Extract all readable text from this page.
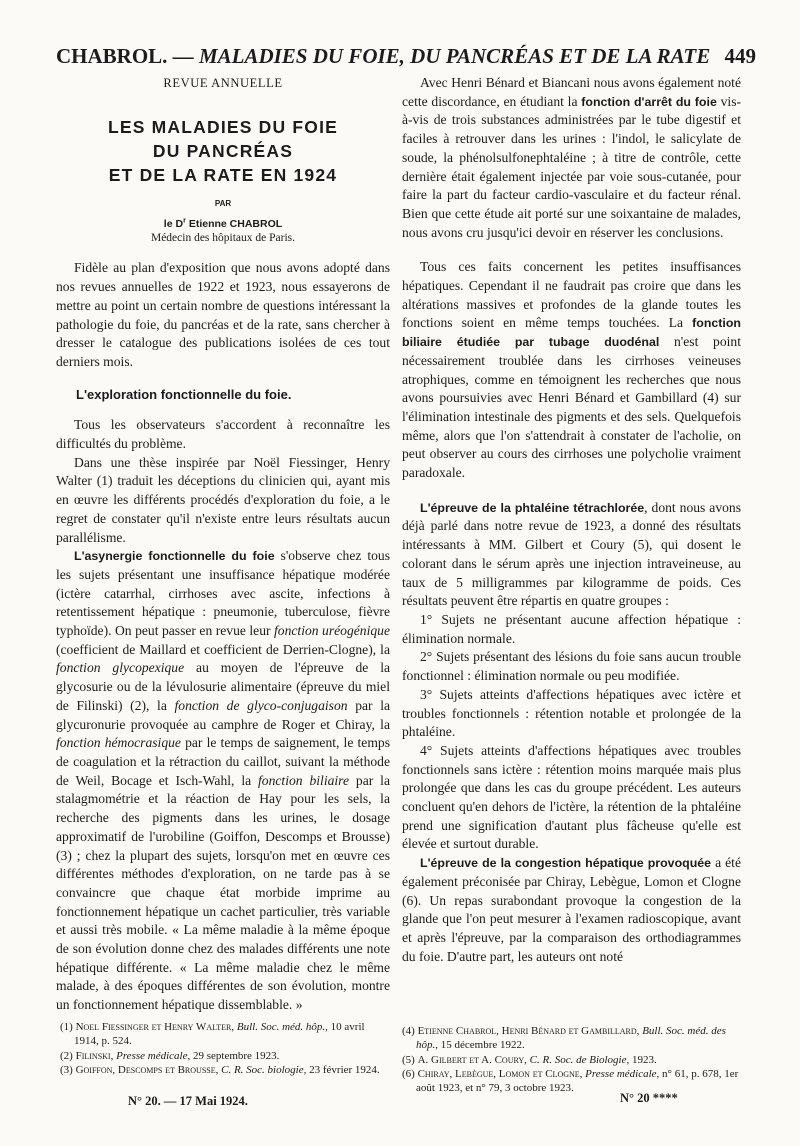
CHABROL. — MALADIES DU FOIE, DU PANCRÉAS ET DE LA RATE 449

REVUE ANNUELLE

LES MALADIES DU FOIE
DU PANCRÉAS
ET DE LA RATE EN 1924

PAR

le $D^r$ Etienne CHABROL

Médecin des hôpitaux de Paris.

Fidèle au plan d'exposition que nous avons adopté dans nos revues annuelles de 1922 et 1923, nous essayerons de mettre au point un certain nombre de questions intéressant la pathologie du foie, du pancréas et de la rate, sans chercher à dresser le catalogue des publications isolées de ces tout derniers mois.

L'exploration fonctionnelle du foie.

Tous les observateurs s'accordent à reconnaître les difficultés du problème.

Dans une thèse inspirée par Noël Fiessinger, Henry Walter (1) traduit les déceptions du clinicien qui, ayant mis en œuvre les différents procédés d'exploration du foie, a le regret de constater qu'il n'existe entre leurs résultats aucun parallélisme.

L'asynergie fonctionnelle du foie s'observe chez tous les sujets présentant une insuffisance hépatique modérée (ictère catarrhal, cirrhoses avec ascite, infections à retentissement hépatique : pneumonie, tuberculose, fièvre typhoïde). On peut passer en revue leur fonction uréogénique (coefficient de Maillard et coefficient de Derrien-Clogne), la fonction glycopexique au moyen de l'épreuve de la glycosurie ou de la lévulosurie alimentaire (épreuve du miel de Filinski) (2), la fonction de glyco-conjugaison par la glycuronurie provoquée au camphre de Roger et Chiray, la fonction hémocrasique par le temps de saignement, le temps de coagulation et la rétraction du caillot, suivant la méthode de Weil, Bocage et Isch-Wahl, la fonction biliaire par la stalagmométrie et la réaction de Hay pour les sels, la recherche des pigments dans les urines, le dosage approximatif de l'urobiline (Goiffon, Descomps et Brousse) (3) ; chez la plupart des sujets, lorsqu'on met en œuvre ces différentes méthodes d'exploration, on ne tarde pas à se convaincre que chaque état morbide imprime au fonctionnement hépatique un cachet particulier, très variable et aussi très mobile. « La même maladie à la même époque de son évolution donne chez des malades différents une note hépatique différente. « La même maladie chez le même malade, à des époques différentes de son évolution, montre un fonctionnement hépatique dissemblable. »

(1) Noel Fiessinger et Henry Walter, Bull. Soc. méd. hôp., 10 avril 1914, p. 524.

(2) Filinski, Presse médicale, 29 septembre 1923.

(3) Goiffon, Descomps et Brousse, C. R. Soc. biologie, 23 février 1924.

N° 20. — 17 Mai 1924.

Avec Henri Bénard et Biancani nous avons également noté cette discordance, en étudiant la fonction d'arrêt du foie vis-à-vis de trois substances administrées par le tube digestif et faciles à retrouver dans les urines : l'indol, le salicylate de soude, la phénolsulfonephtaléine ; à titre de contrôle, cette dernière était également injectée par voie sous-cutanée, pour faire la part du facteur cardio-vasculaire et du facteur rénal. Bien que cette étude ait porté sur une soixantaine de malades, nous avons cru jusqu'ici devoir en réserver les conclusions.

Tous ces faits concernent les petites insuffisances hépatiques. Cependant il ne faudrait pas croire que dans les altérations massives et profondes de la glande toutes les fonctions soient en même temps touchées. La fonction biliaire étudiée par tubage duodénal n'est point nécessairement troublée dans les cirrhoses veineuses atrophiques, comme en témoignent les recherches que nous avons poursuivies avec Henri Bénard et Gambillard (4) sur l'élimination intestinale des pigments et des sels. Quelquefois même, alors que l'on s'attendrait à constater de l'acholie, on peut observer au cours des cirrhoses une polycholie vraiment paradoxale.

L'épreuve de la phtaléine tétrachlorée, dont nous avons déjà parlé dans notre revue de 1923, a donné des résultats intéressants à MM. Gilbert et Coury (5), qui dosent le colorant dans le sérum après une injection intraveineuse, au taux de 5 milligrammes par kilogramme de poids. Ces résultats peuvent être répartis en quatre groupes :

1° Sujets ne présentant aucune affection hépatique : élimination normale.

2° Sujets présentant des lésions du foie sans aucun trouble fonctionnel : élimination normale ou peu modifiée.

3° Sujets atteints d'affections hépatiques avec ictère et troubles fonctionnels : rétention notable et prolongée de la phtaléine.

4° Sujets atteints d'affections hépatiques avec troubles fonctionnels sans ictère : rétention moins marquée mais plus prolongée que dans les cas du groupe précédent. Les auteurs concluent qu'en dehors de l'ictère, la rétention de la phtaléine prend une signification d'autant plus fâcheuse qu'elle est élevée et surtout durable.

L'épreuve de la congestion hépatique provoquée a été également préconisée par Chiray, Lebègue, Lomon et Clogne (6). Un repas surabondant provoque la congestion de la glande que l'on peut mesurer à l'examen radioscopique, avant et après l'épreuve, par la comparaison des orthodiagrammes du foie. D'autre part, les auteurs ont noté

(4) Etienne Chabrol, Henri Bénard et Gambillard, Bull. Soc. méd. des hôp., 15 décembre 1922.

(5) A. Gilbert et A. Coury, C. R. Soc. de Biologie, 1923.

(6) Chiray, Lebègue, Lomon et Clogne, Presse médicale, n° 61, p. 678, 1er août 1923, et n° 79, 3 octobre 1923.

N° 20 ****
